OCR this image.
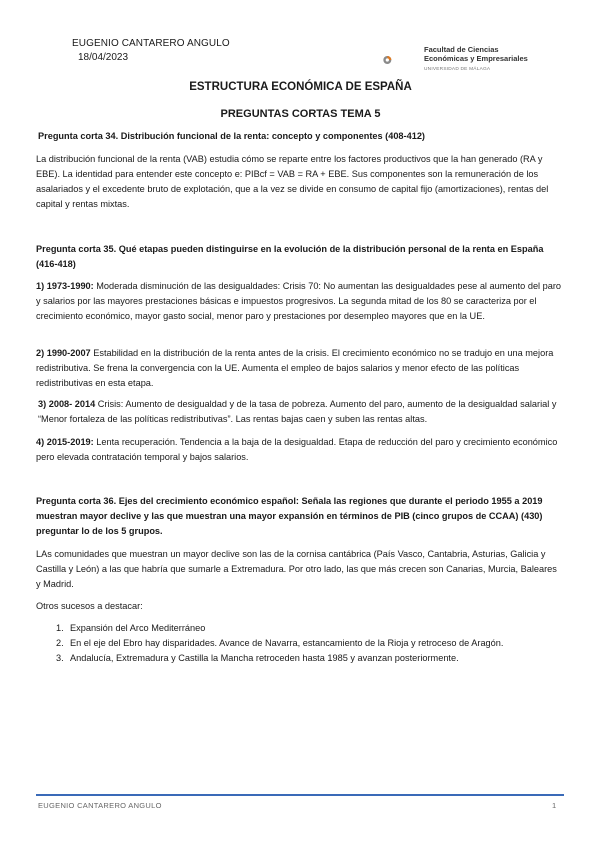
EUGENIO CANTARERO ANGULO
18/04/2023
Facultad de Ciencias
Económicas y Empresariales
UNIVERSIDAD DE MÁLAGA
ESTRUCTURA ECONÓMICA DE ESPAÑA
PREGUNTAS CORTAS TEMA 5
Pregunta corta 34. Distribución funcional de la renta: concepto y componentes (408-412)
La distribución funcional de la renta (VAB) estudia cómo se reparte entre los factores productivos que la han generado (RA y EBE). La identidad para entender este concepto e: PIBcf = VAB = RA + EBE. Sus componentes son la remuneración de los asalariados y el excedente bruto de explotación, que a la vez se divide en consumo de capital fijo (amortizaciones), rentas del capital y rentas mixtas.
Pregunta corta 35. Qué etapas pueden distinguirse en la evolución de la distribución personal de la renta en España (416-418)
1) 1973-1990: Moderada disminución de las desigualdades: Crisis 70: No aumentan las desigualdades pese al aumento del paro y salarios por las mayores prestaciones básicas e impuestos progresivos. La segunda mitad de los 80 se caracteriza por el crecimiento económico, mayor gasto social, menor paro y prestaciones por desempleo mayores que en la UE.
2) 1990-2007 Estabilidad en la distribución de la renta antes de la crisis. El crecimiento económico no se tradujo en una mejora redistributiva. Se frena la convergencia con la UE. Aumenta el empleo de bajos salarios y menor efecto de las políticas redistributivas en esta etapa.
3) 2008- 2014 Crisis: Aumento de desigualdad y de la tasa de pobreza. Aumento del paro, aumento de la desigualdad salarial y “Menor fortaleza de las políticas redistributivas”. Las rentas bajas caen y suben las rentas altas.
4) 2015-2019: Lenta recuperación. Tendencia a la baja de la desigualdad. Etapa de reducción del paro y crecimiento económico pero elevada contratación temporal y bajos salarios.
Pregunta corta 36. Ejes del crecimiento económico español: Señala las regiones que durante el periodo 1955 a 2019 muestran mayor declive y las que muestran una mayor expansión en términos de PIB (cinco grupos de CCAA) (430) preguntar lo de los 5 grupos.
LAs comunidades que muestran un mayor declive son las de la cornisa cantábrica (País Vasco, Cantabria, Asturias, Galicia y Castilla y León) a las que habría que sumarle a Extremadura. Por otro lado, las que más crecen son Canarias, Murcia, Baleares y Madrid.
Otros sucesos a destacar:
1. Expansión del Arco Mediterráneo
2. En el eje del Ebro hay disparidades. Avance de Navarra, estancamiento de la Rioja y retroceso de Aragón.
3. Andalucía, Extremadura y Castilla la Mancha retroceden hasta 1985 y avanzan posteriormente.
EUGENIO CANTARERO ANGULO	1
